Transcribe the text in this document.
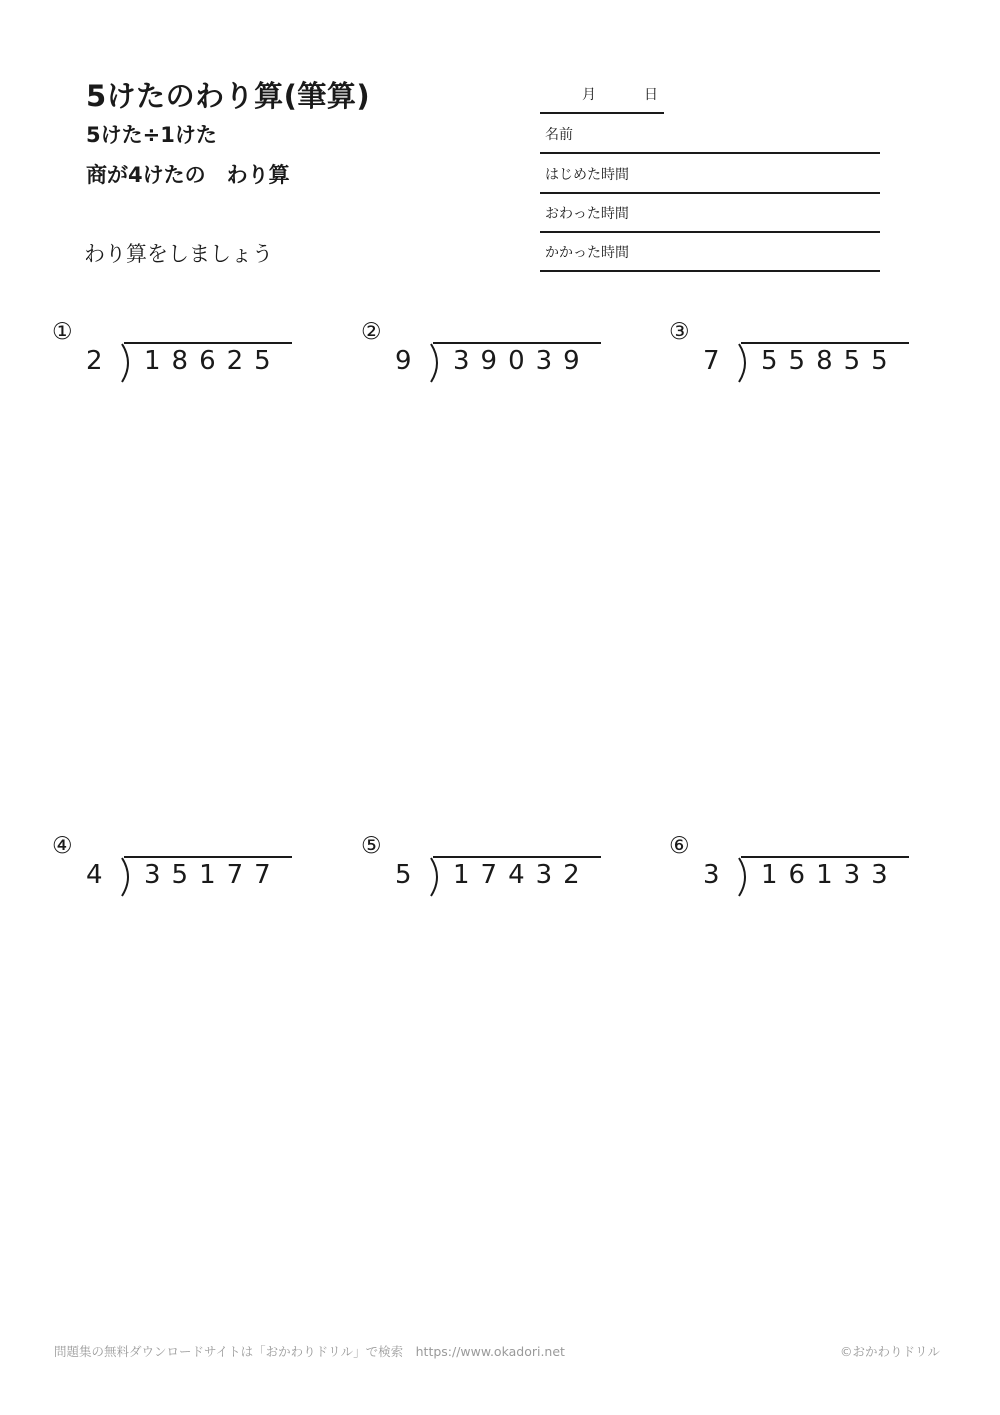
5けたのわり算(筆算)
5けた÷1けた
商が4けたの　わり算
わり算をしましょう
月	日
名前
はじめた時間
おわった時間
かかった時間
①
2 18625
②
9 39039
③
7 55855
④
4 35177
⑤
5 17432
⑥
3 16133
問題集の無料ダウンロードサイトは「おかわりドリル」で検索　https://www.okadori.net	©おかわりドリル
